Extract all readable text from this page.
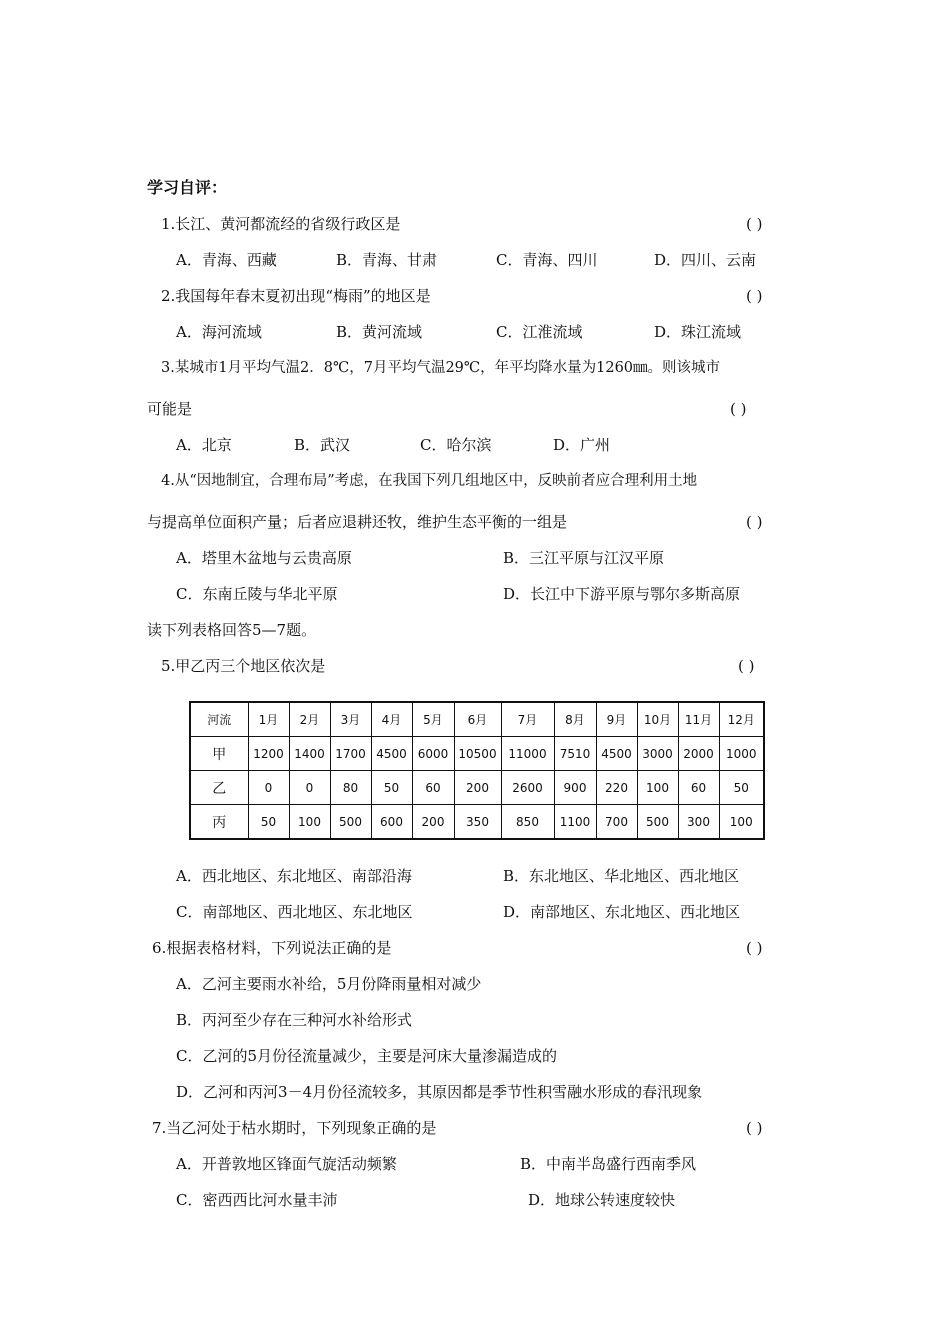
学习自评：
1.长江、黄河都流经的省级行政区是	( )
A．青海、西藏	B．青海、甘肃	C．青海、四川	D．四川、云南
2.我国每年春末夏初出现“梅雨”的地区是	( )
A．海河流域	B．黄河流域	C．江淮流域	D．珠江流域
3.某城市1月平均气温2．8℃，7月平均气温29℃，年平均降水量为1260㎜。则该城市
可能是	( )
A．北京	B．武汉	C．哈尔滨	D．广州
4.从“因地制宜，合理布局”考虑，在我国下列几组地区中，反映前者应合理利用土地
与提高单位面积产量；后者应退耕还牧，维护生态平衡的一组是	( )
A．塔里木盆地与云贵高原	B．三江平原与江汉平原
C．东南丘陵与华北平原	D．长江中下游平原与鄂尔多斯高原
读下列表格回答5—7题。
5.甲乙丙三个地区依次是	( )
河流	1月	2月	3月	4月	5月	6月	7月	8月	9月	10月	11月	12月
甲	1200	1400	1700	4500	6000	10500	11000	7510	4500	3000	2000	1000
乙	0	0	80	50	60	200	2600	900	220	100	60	50
丙	50	100	500	600	200	350	850	1100	700	500	300	100
A．西北地区、东北地区、南部沿海	B．东北地区、华北地区、西北地区
C．南部地区、西北地区、东北地区	D．南部地区、东北地区、西北地区
6.根据表格材料，下列说法正确的是	( )
A．乙河主要雨水补给，5月份降雨量相对减少
B．丙河至少存在三种河水补给形式
C．乙河的5月份径流量减少，主要是河床大量渗漏造成的
D．乙河和丙河3－4月份径流较多，其原因都是季节性积雪融水形成的春汛现象
7.当乙河处于枯水期时，下列现象正确的是	( )
A．开普敦地区锋面气旋活动频繁	B．中南半岛盛行西南季风
C．密西西比河水量丰沛	D．地球公转速度较快
